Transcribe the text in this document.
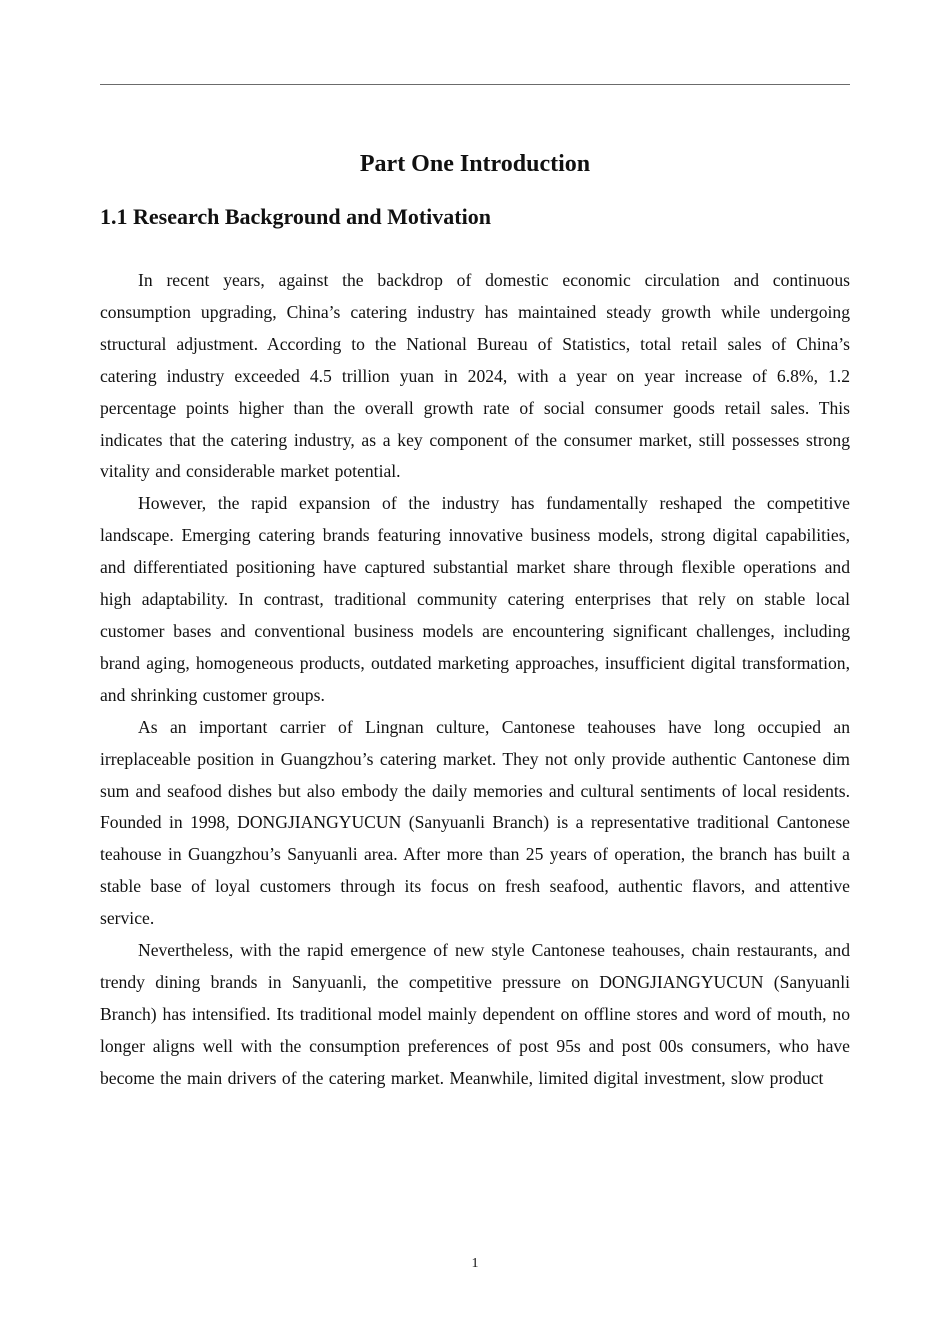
Part One Introduction
1.1 Research Background and Motivation

In recent years, against the backdrop of domestic economic circulation and continuous consumption upgrading, China’s catering industry has maintained steady growth while undergoing structural adjustment. According to the National Bureau of Statistics, total retail sales of China’s catering industry exceeded 4.5 trillion yuan in 2024, with a year on year increase of 6.8%, 1.2 percentage points higher than the overall growth rate of social consumer goods retail sales. This indicates that the catering industry, as a key component of the consumer market, still possesses strong vitality and considerable market potential.

However, the rapid expansion of the industry has fundamentally reshaped the competitive landscape. Emerging catering brands featuring innovative business models, strong digital capabilities, and differentiated positioning have captured substantial market share through flexible operations and high adaptability. In contrast, traditional community catering enterprises that rely on stable local customer bases and conventional business models are encountering significant challenges, including brand aging, homogeneous products, outdated marketing approaches, insufficient digital transformation, and shrinking customer groups.

As an important carrier of Lingnan culture, Cantonese teahouses have long occupied an irreplaceable position in Guangzhou’s catering market. They not only provide authentic Cantonese dim sum and seafood dishes but also embody the daily memories and cultural sentiments of local residents. Founded in 1998, DONGJIANGYUCUN (Sanyuanli Branch) is a representative traditional Cantonese teahouse in Guangzhou’s Sanyuanli area. After more than 25 years of operation, the branch has built a stable base of loyal customers through its focus on fresh seafood, authentic flavors, and attentive service.

Nevertheless, with the rapid emergence of new style Cantonese teahouses, chain restaurants, and trendy dining brands in Sanyuanli, the competitive pressure on DONGJIANGYUCUN (Sanyuanli Branch) has intensified. Its traditional model mainly dependent on offline stores and word of mouth, no longer aligns well with the consumption preferences of post 95s and post 00s consumers, who have become the main drivers of the catering market. Meanwhile, limited digital investment, slow product

1
